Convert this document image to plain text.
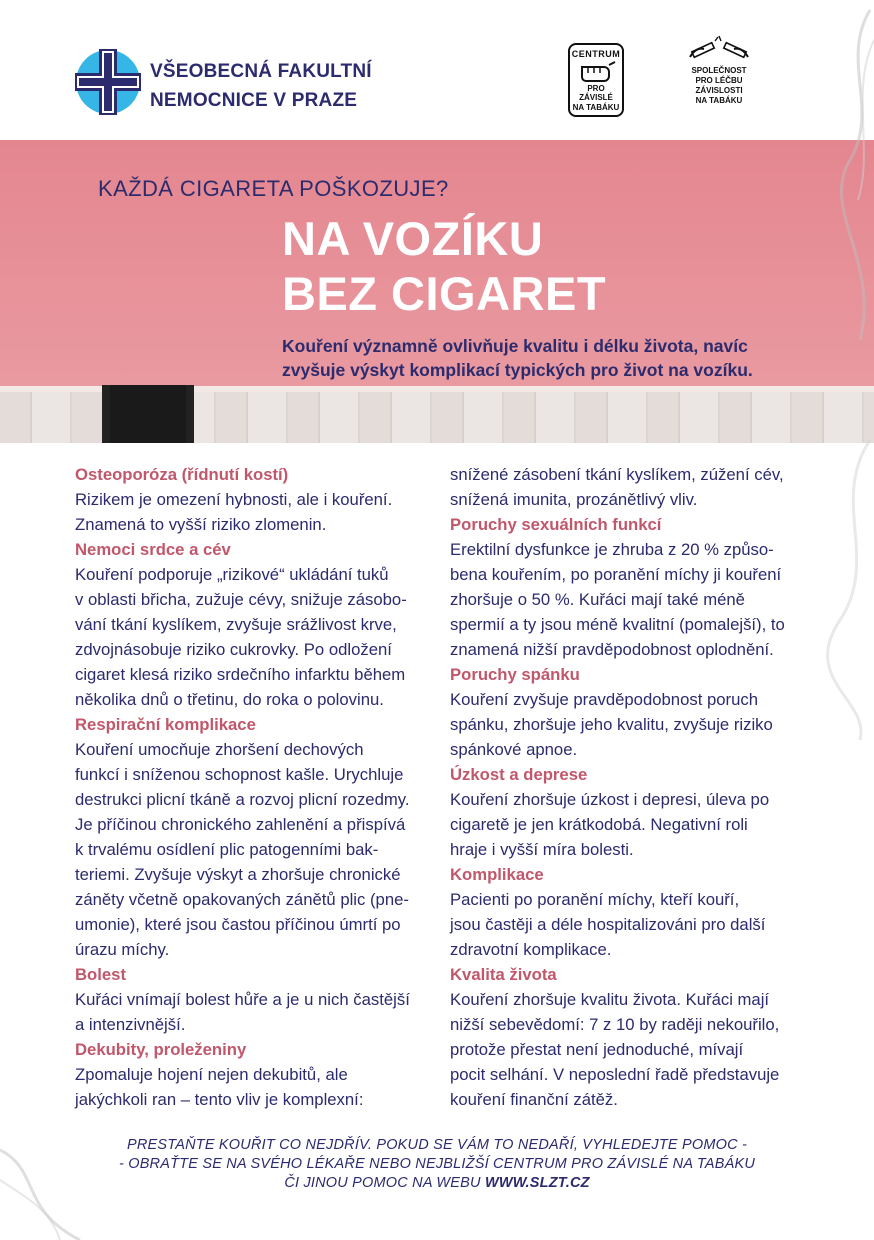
VŠEOBECNÁ FAKULTNÍ
NEMOCNICE V PRAZE
CENTRUM
PRO ZÁVISLÉ
NA TABÁKU
SPOLEČNOST
PRO LÉČBU
ZÁVISLOSTI
NA TABÁKU
KAŽDÁ CIGARETA POŠKOZUJE?
NA VOZÍKU
BEZ CIGARET
Kouření významně ovlivňuje kvalitu i délku života, navíc
zvyšuje výskyt komplikací typických pro život na vozíku.

Osteoporóza (řídnutí kostí)

Rizikem je omezení hybnosti, ale i kouření.

Znamená to vyšší riziko zlomenin.

Nemoci srdce a cév

Kouření podporuje „rizikové“ ukládání tuků

v oblasti břicha, zužuje cévy, snižuje zásobo-

vání tkání kyslíkem, zvyšuje srážlivost krve,

zdvojnásobuje riziko cukrovky. Po odložení

cigaret klesá riziko srdečního infarktu během

několika dnů o třetinu, do roka o polovinu.

Respirační komplikace

Kouření umocňuje zhoršení dechových

funkcí i sníženou schopnost kašle. Urychluje

destrukci plicní tkáně a rozvoj plicní rozedmy.

Je příčinou chronického zahlenění a přispívá

k trvalému osídlení plic patogenními bak-

teriemi. Zvyšuje výskyt a zhoršuje chronické

záněty včetně opakovaných zánětů plic (pne-

umonie), které jsou častou příčinou úmrtí po

úrazu míchy.

Bolest

Kuřáci vnímají bolest hůře a je u nich častější

a intenzivnější.

Dekubity, proleženiny

Zpomaluje hojení nejen dekubitů, ale

jakýchkoli ran – tento vliv je komplexní:

snížené zásobení tkání kyslíkem, zúžení cév,

snížená imunita, prozánětlivý vliv.

Poruchy sexuálních funkcí

Erektilní dysfunkce je zhruba z 20 % způso-

bena kouřením, po poranění míchy ji kouření

zhoršuje o 50 %. Kuřáci mají také méně

spermií a ty jsou méně kvalitní (pomalejší), to

znamená nižší pravděpodobnost oplodnění.

Poruchy spánku

Kouření zvyšuje pravděpodobnost poruch

spánku, zhoršuje jeho kvalitu, zvyšuje riziko

spánkové apnoe.

Úzkost a deprese

Kouření zhoršuje úzkost i depresi, úleva po

cigaretě je jen krátkodobá. Negativní roli

hraje i vyšší míra bolesti.

Komplikace

Pacienti po poranění míchy, kteří kouří,

jsou častěji a déle hospitalizováni pro další

zdravotní komplikace.

Kvalita života

Kouření zhoršuje kvalitu života. Kuřáci mají

nižší sebevědomí: 7 z 10 by raději nekouřilo,

protože přestat není jednoduché, mívají

pocit selhání. V neposlední řadě představuje

kouření finanční zátěž.

PRESTAŇTE KOUŘIT CO NEJDŘÍV. POKUD SE VÁM TO NEDAŘÍ, VYHLEDEJTE POMOC -
- OBRAŤTE SE NA SVÉHO LÉKAŘE NEBO NEJBLIŽŠÍ CENTRUM PRO ZÁVISLÉ NA TABÁKU
ČI JINOU POMOC NA WEBU WWW.SLZT.CZ
